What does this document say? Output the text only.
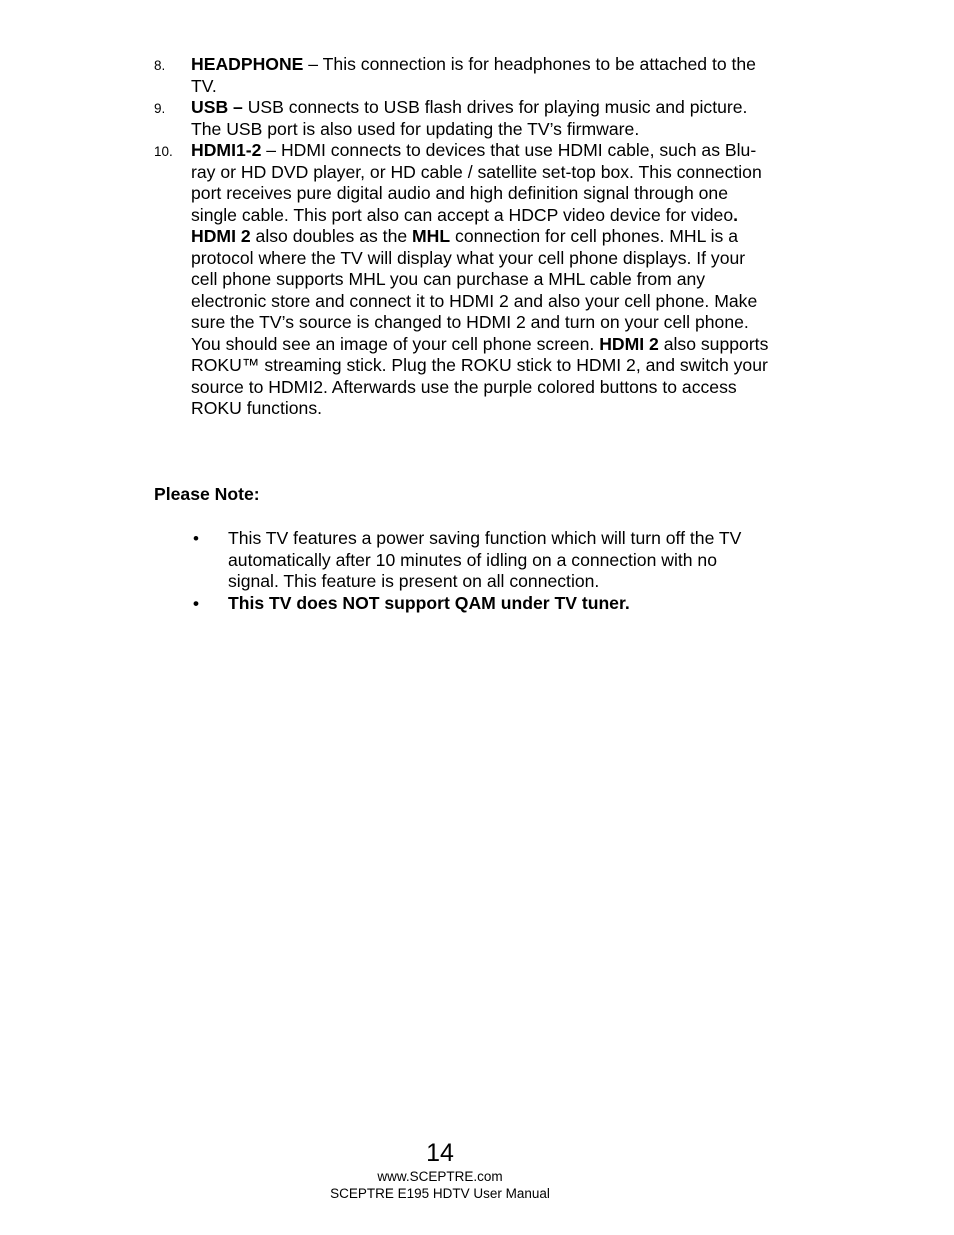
8. HEADPHONE – This connection is for headphones to be attached to the TV.
9. USB – USB connects to USB flash drives for playing music and picture. The USB port is also used for updating the TV’s firmware.
10. HDMI1-2 – HDMI connects to devices that use HDMI cable, such as Blu-ray or HD DVD player, or HD cable / satellite set-top box. This connection port receives pure digital audio and high definition signal through one single cable. This port also can accept a HDCP video device for video. HDMI 2 also doubles as the MHL connection for cell phones. MHL is a protocol where the TV will display what your cell phone displays. If your cell phone supports MHL you can purchase a MHL cable from any electronic store and connect it to HDMI 2 and also your cell phone. Make sure the TV’s source is changed to HDMI 2 and turn on your cell phone. You should see an image of your cell phone screen. HDMI 2 also supports ROKU™ streaming stick. Plug the ROKU stick to HDMI 2, and switch your source to HDMI2. Afterwards use the purple colored buttons to access ROKU functions.
Please Note:
• This TV features a power saving function which will turn off the TV automatically after 10 minutes of idling on a connection with no signal. This feature is present on all connection.
• This TV does NOT support QAM under TV tuner.
14
www.SCEPTRE.com
SCEPTRE E195 HDTV User Manual
